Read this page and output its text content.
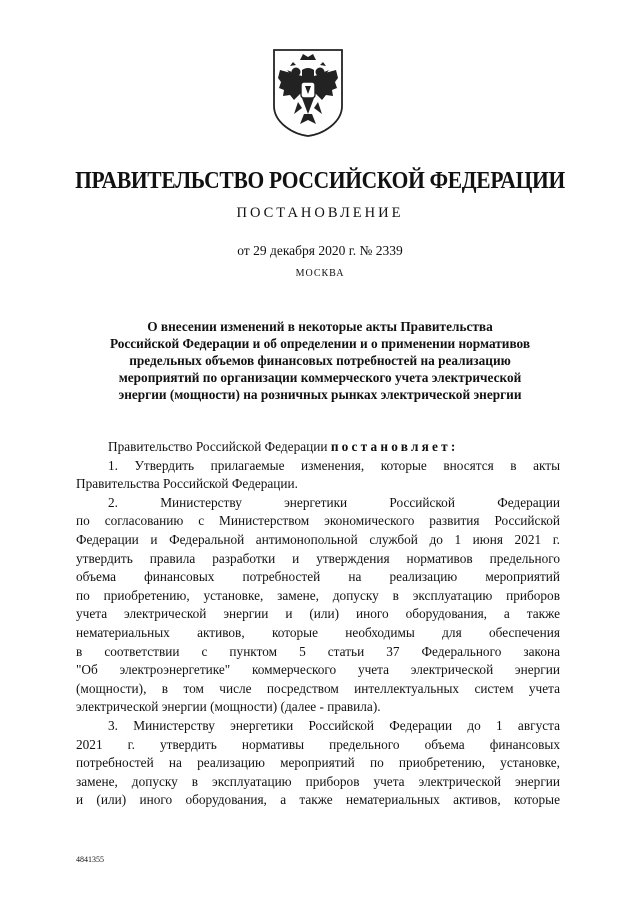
ПРАВИТЕЛЬСТВО РОССИЙСКОЙ ФЕДЕРАЦИИ
ПОСТАНОВЛЕНИЕ
от 29 декабря 2020 г. № 2339
МОСКВА
О внесении изменений в некоторые акты Правительства
Российской Федерации и об определении и о применении нормативов
предельных объемов финансовых потребностей на реализацию
мероприятий по организации коммерческого учета электрической
энергии (мощности) на розничных рынках электрической энергии

Правительство Российской Федерации постановляет:

1. Утвердить прилагаемые изменения, которые вносятся в акты

Правительства Российской Федерации.

2. Министерству энергетики Российской Федерации

по согласованию с Министерством экономического развития Российской

Федерации и Федеральной антимонопольной службой до 1 июня 2021 г.

утвердить правила разработки и утверждения нормативов предельного

объема финансовых потребностей на реализацию мероприятий

по приобретению, установке, замене, допуску в эксплуатацию приборов

учета электрической энергии и (или) иного оборудования, а также

нематериальных активов, которые необходимы для обеспечения

в соответствии с пунктом 5 статьи 37 Федерального закона

"Об электроэнергетике" коммерческого учета электрической энергии

(мощности), в том числе посредством интеллектуальных систем учета

электрической энергии (мощности) (далее - правила).

3. Министерству энергетики Российской Федерации до 1 августа

2021 г. утвердить нормативы предельного объема финансовых

потребностей на реализацию мероприятий по приобретению, установке,

замене, допуску в эксплуатацию приборов учета электрической энергии

и (или) иного оборудования, а также нематериальных активов, которые

4841355
